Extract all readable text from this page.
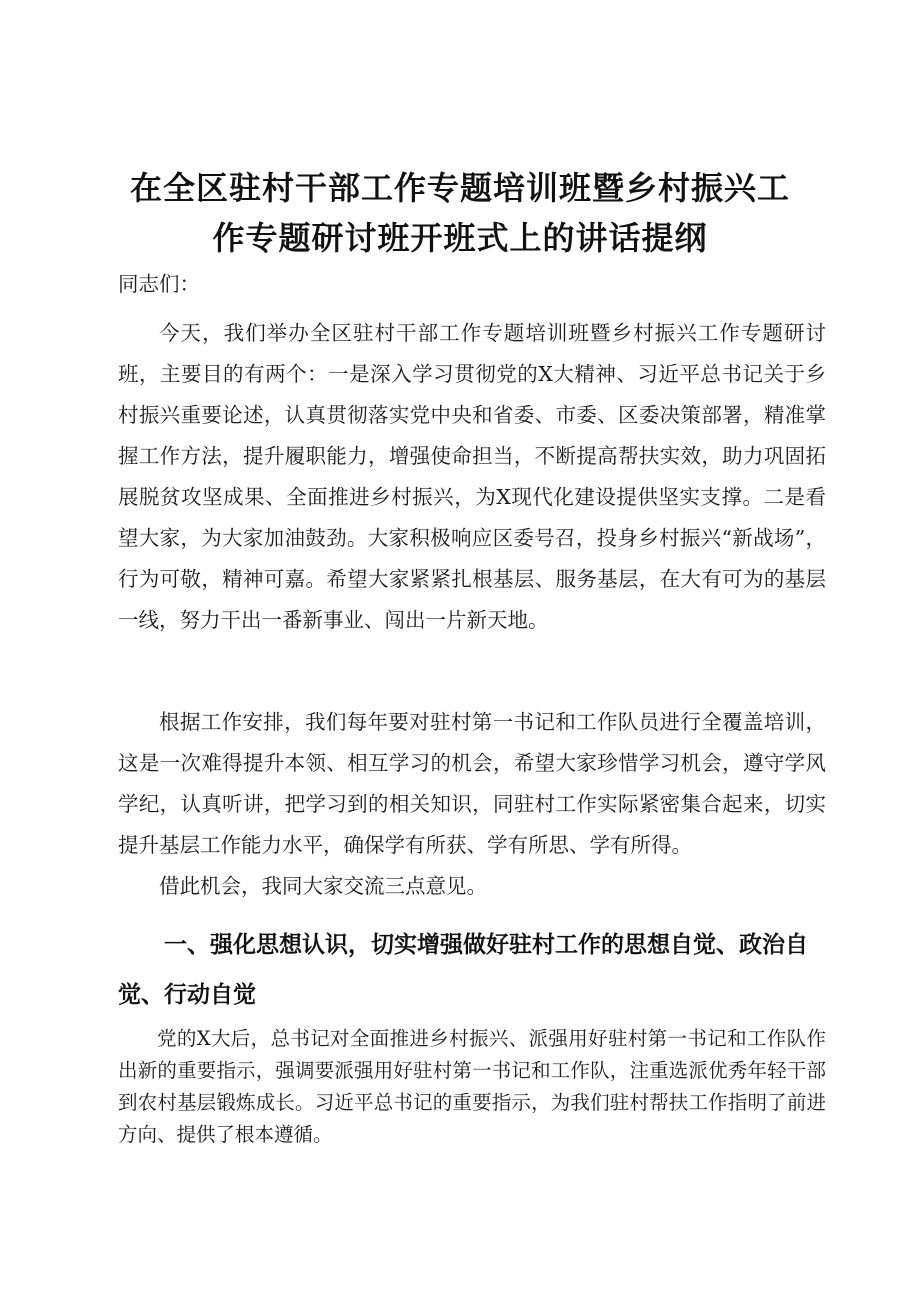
在全区驻村干部工作专题培训班暨乡村振兴工
作专题研讨班开班式上的讲话提纲

同志们：

今天，我们举办全区驻村干部工作专题培训班暨乡村振兴工作专题研讨班，主要目的有两个：一是深入学习贯彻党的X大精神、习近平总书记关于乡村振兴重要论述，认真贯彻落实党中央和省委、市委、区委决策部署，精准掌握工作方法，提升履职能力，增强使命担当，不断提高帮扶实效，助力巩固拓展脱贫攻坚成果、全面推进乡村振兴，为X现代化建设提供坚实支撑。二是看望大家，为大家加油鼓劲。大家积极响应区委号召，投身乡村振兴“新战场”，行为可敬，精神可嘉。希望大家紧紧扎根基层、服务基层，在大有可为的基层一线，努力干出一番新事业、闯出一片新天地。

根据工作安排，我们每年要对驻村第一书记和工作队员进行全覆盖培训，这是一次难得提升本领、相互学习的机会，希望大家珍惜学习机会，遵守学风学纪，认真听讲，把学习到的相关知识，同驻村工作实际紧密集合起来，切实提升基层工作能力水平，确保学有所获、学有所思、学有所得。

借此机会，我同大家交流三点意见。

一、强化思想认识，切实增强做好驻村工作的思想自觉、政治自觉、行动自觉

党的X大后，总书记对全面推进乡村振兴、派强用好驻村第一书记和工作队作出新的重要指示，强调要派强用好驻村第一书记和工作队，注重选派优秀年轻干部到农村基层锻炼成长。习近平总书记的重要指示，为我们驻村帮扶工作指明了前进方向、提供了根本遵循。
